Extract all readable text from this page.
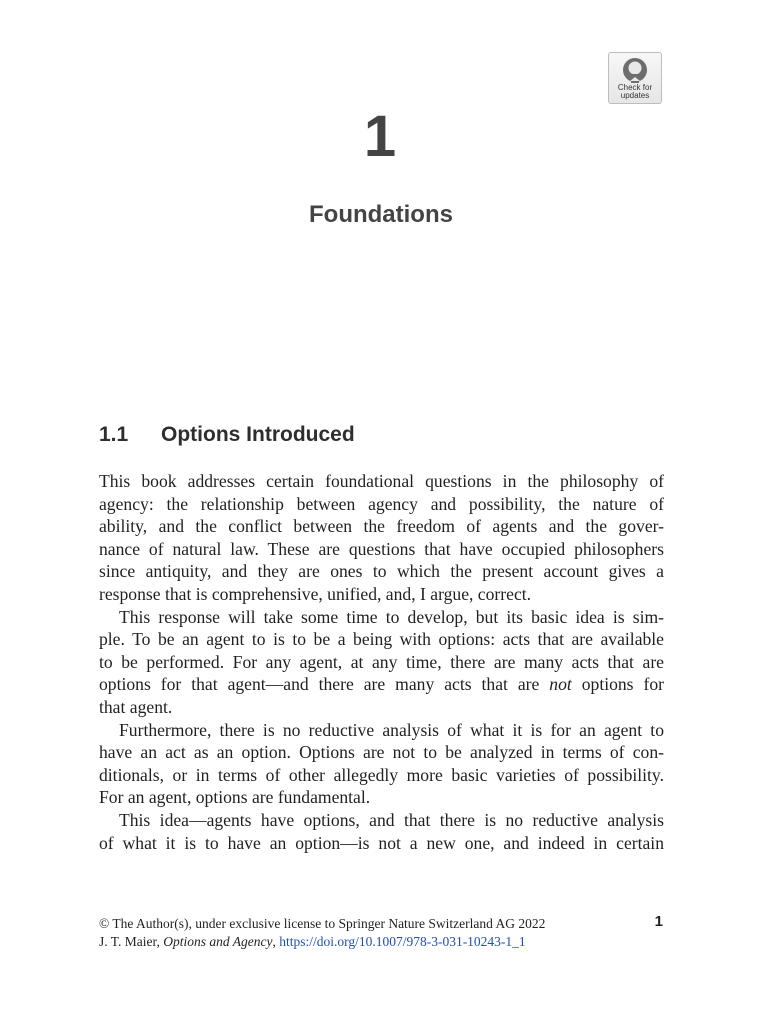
Check for
updates
1
Foundations
1.1 Options Introduced
This book addresses certain foundational questions in the philosophy of
agency: the relationship between agency and possibility, the nature of
ability, and the conflict between the freedom of agents and the gover-
nance of natural law. These are questions that have occupied philosophers
since antiquity, and they are ones to which the present account gives a
response that is comprehensive, unified, and, I argue, correct.
This response will take some time to develop, but its basic idea is sim-
ple. To be an agent to is to be a being with options: acts that are available
to be performed. For any agent, at any time, there are many acts that are
options for that agent—and there are many acts that are not options for
that agent.
Furthermore, there is no reductive analysis of what it is for an agent to
have an act as an option. Options are not to be analyzed in terms of con-
ditionals, or in terms of other allegedly more basic varieties of possibility.
For an agent, options are fundamental.
This idea—agents have options, and that there is no reductive analysis
of what it is to have an option—is not a new one, and indeed in certain
© The Author(s), under exclusive license to Springer Nature Switzerland AG 2022
J. T. Maier, Options and Agency, https://doi.org/10.1007/978-3-031-10243-1_1
1
